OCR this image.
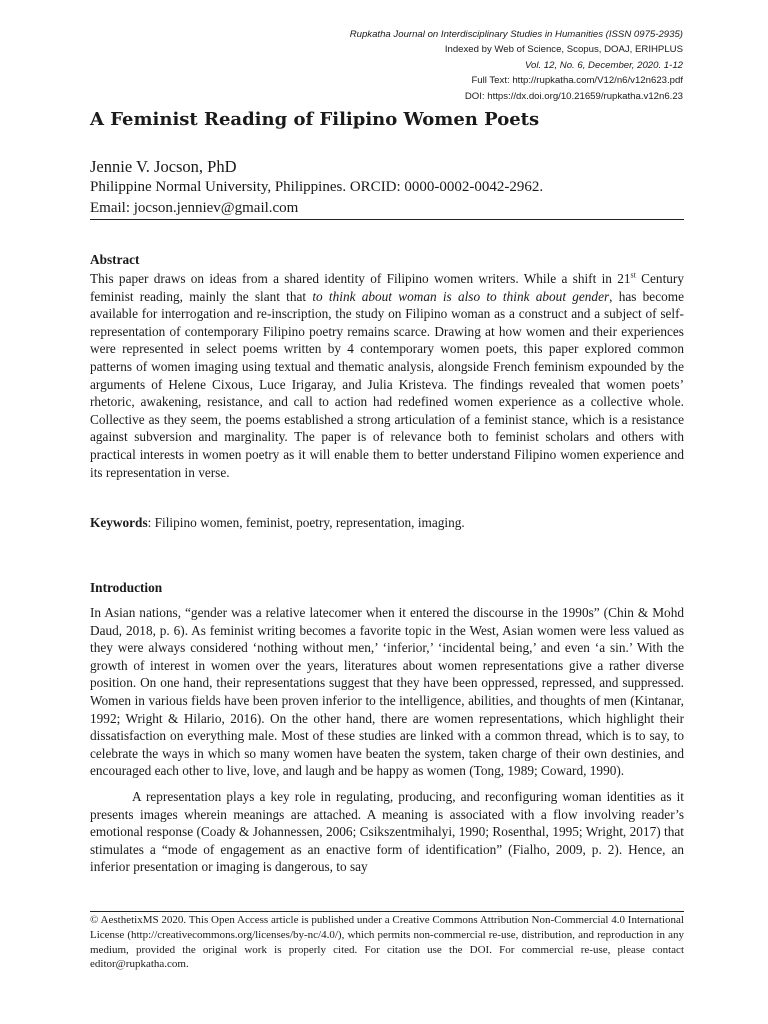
Rupkatha Journal on Interdisciplinary Studies in Humanities (ISSN 0975-2935)
Indexed by Web of Science, Scopus, DOAJ, ERIHPLUS
Vol. 12, No. 6, December, 2020. 1-12
Full Text: http://rupkatha.com/V12/n6/v12n623.pdf
DOI: https://dx.doi.org/10.21659/rupkatha.v12n6.23
A Feminist Reading of Filipino Women Poets
Jennie V. Jocson, PhD
Philippine Normal University, Philippines. ORCID: 0000-0002-0042-2962.
Email: jocson.jenniev@gmail.com
Abstract

This paper draws on ideas from a shared identity of Filipino women writers. While a shift in 21st Century feminist reading, mainly the slant that to think about woman is also to think about gender, has become available for interrogation and re-inscription, the study on Filipino woman as a construct and a subject of self-representation of contemporary Filipino poetry remains scarce. Drawing at how women and their experiences were represented in select poems written by 4 contemporary women poets, this paper explored common patterns of women imaging using textual and thematic analysis, alongside French feminism expounded by the arguments of Helene Cixous, Luce Irigaray, and Julia Kristeva. The findings revealed that women poets’ rhetoric, awakening, resistance, and call to action had redefined women experience as a collective whole. Collective as they seem, the poems established a strong articulation of a feminist stance, which is a resistance against subversion and marginality. The paper is of relevance both to feminist scholars and others with practical interests in women poetry as it will enable them to better understand Filipino women experience and its representation in verse.

Keywords: Filipino women, feminist, poetry, representation, imaging.

Introduction

In Asian nations, “gender was a relative latecomer when it entered the discourse in the 1990s” (Chin & Mohd Daud, 2018, p. 6). As feminist writing becomes a favorite topic in the West, Asian women were less valued as they were always considered ‘nothing without men,’ ‘inferior,’ ‘incidental being,’ and even ‘a sin.’ With the growth of interest in women over the years, literatures about women representations give a rather diverse position. On one hand, their representations suggest that they have been oppressed, repressed, and suppressed. Women in various fields have been proven inferior to the intelligence, abilities, and thoughts of men (Kintanar, 1992; Wright & Hilario, 2016). On the other hand, there are women representations, which highlight their dissatisfaction on everything male. Most of these studies are linked with a common thread, which is to say, to celebrate the ways in which so many women have beaten the system, taken charge of their own destinies, and encouraged each other to live, love, and laugh and be happy as women (Tong, 1989; Coward, 1990).

A representation plays a key role in regulating, producing, and reconfiguring woman identities as it presents images wherein meanings are attached. A meaning is associated with a flow involving reader’s emotional response (Coady & Johannessen, 2006; Csikszentmihalyi, 1990; Rosenthal, 1995; Wright, 2017) that stimulates a “mode of engagement as an enactive form of identification” (Fialho, 2009, p. 2). Hence, an inferior presentation or imaging is dangerous, to say

© AesthetixMS 2020. This Open Access article is published under a Creative Commons Attribution Non-Commercial 4.0 International License (http://creativecommons.org/licenses/by-nc/4.0/), which permits non-commercial re-use, distribution, and reproduction in any medium, provided the original work is properly cited. For citation use the DOI. For commercial re-use, please contact editor@rupkatha.com.
